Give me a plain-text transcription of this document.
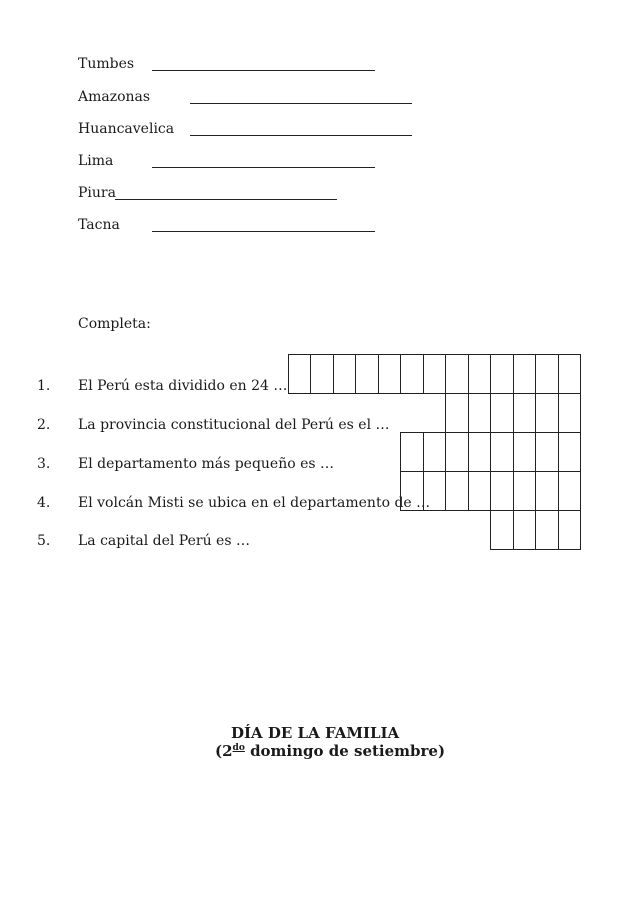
Tumbes
Amazonas
Huancavelica
Lima
Piura
Tacna
Completa:
1. El Perú esta dividido en 24 …
2. La provincia constitucional del Perú es el …
3. El departamento más pequeño es …
4. El volcán Misti se ubica en el departamento de …
5. La capital del Perú es …
DÍA DE LA FAMILIA
($2^{do}$ domingo de setiembre)
